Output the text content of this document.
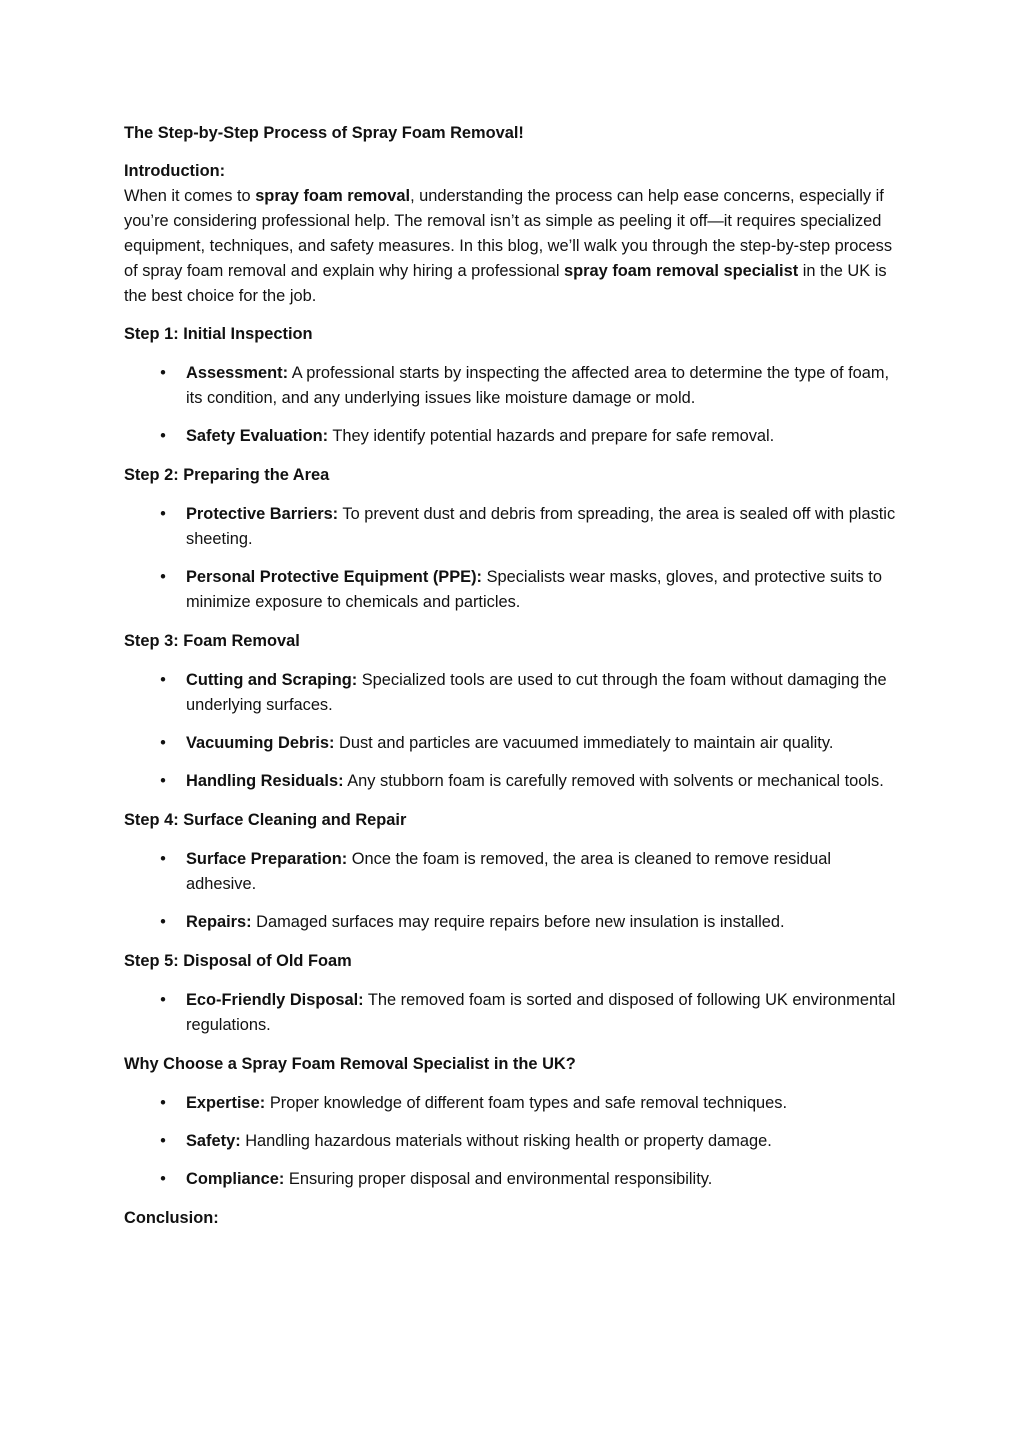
The Step-by-Step Process of Spray Foam Removal!

Introduction:

When it comes to spray foam removal, understanding the process can help ease concerns, especially if you’re considering professional help. The removal isn’t as simple as peeling it off—it requires specialized equipment, techniques, and safety measures. In this blog, we’ll walk you through the step-by-step process of spray foam removal and explain why hiring a professional spray foam removal specialist in the UK is the best choice for the job.

Step 1: Initial Inspection

• Assessment: A professional starts by inspecting the affected area to determine the type of foam, its condition, and any underlying issues like moisture damage or mold.
• Safety Evaluation: They identify potential hazards and prepare for safe removal.

Step 2: Preparing the Area

• Protective Barriers: To prevent dust and debris from spreading, the area is sealed off with plastic sheeting.
• Personal Protective Equipment (PPE): Specialists wear masks, gloves, and protective suits to minimize exposure to chemicals and particles.

Step 3: Foam Removal

• Cutting and Scraping: Specialized tools are used to cut through the foam without damaging the underlying surfaces.
• Vacuuming Debris: Dust and particles are vacuumed immediately to maintain air quality.
• Handling Residuals: Any stubborn foam is carefully removed with solvents or mechanical tools.

Step 4: Surface Cleaning and Repair

• Surface Preparation: Once the foam is removed, the area is cleaned to remove residual adhesive.
• Repairs: Damaged surfaces may require repairs before new insulation is installed.

Step 5: Disposal of Old Foam

• Eco-Friendly Disposal: The removed foam is sorted and disposed of following UK environmental regulations.

Why Choose a Spray Foam Removal Specialist in the UK?

• Expertise: Proper knowledge of different foam types and safe removal techniques.
• Safety: Handling hazardous materials without risking health or property damage.
• Compliance: Ensuring proper disposal and environmental responsibility.

Conclusion:
